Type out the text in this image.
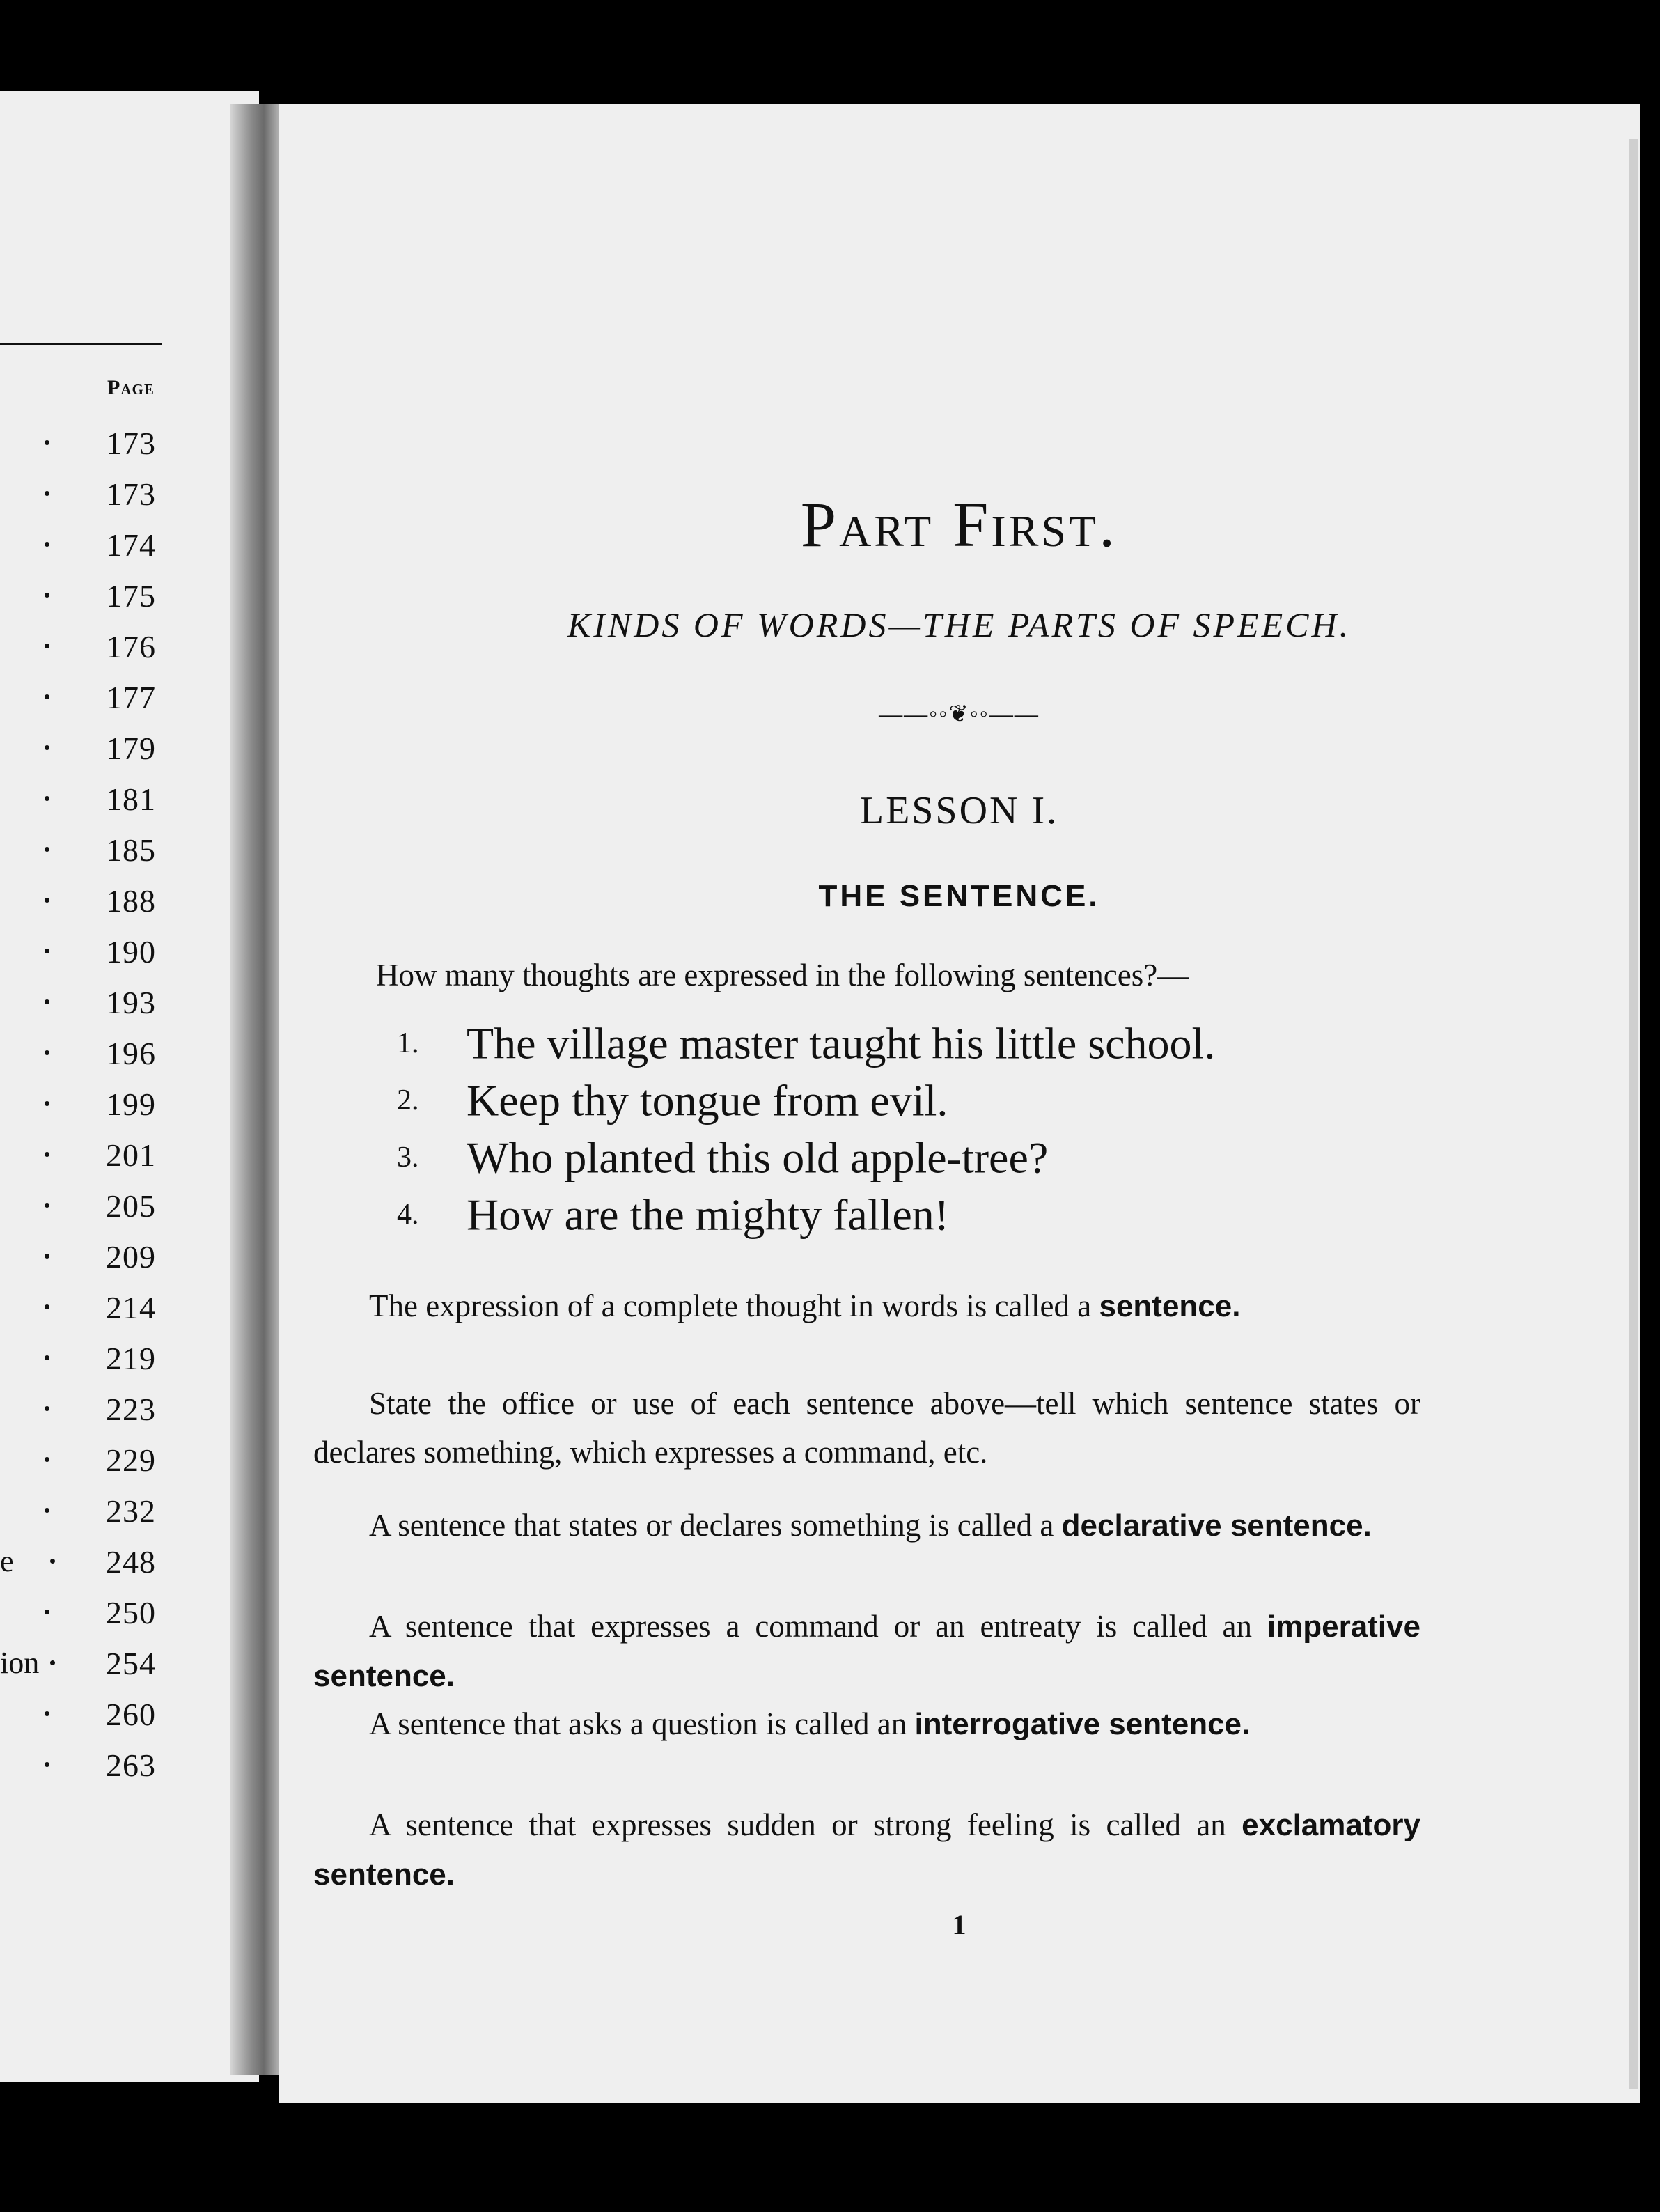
Page
173
173
174
175
176
177
179
181
185
188
190
193
196
199
201
205
209
214
219
223
229
232
e	248
250
ion 254
260
263
Part First.
KINDS OF WORDS—THE PARTS OF SPEECH.
——◦◦❦◦◦——
LESSON I.
THE SENTENCE.
How many thoughts are expressed in the following sentences?—
1. The village master taught his little school.
2. Keep thy tongue from evil.
3. Who planted this old apple-tree?
4. How are the mighty fallen!
The expression of a complete thought in words is called a sentence.
State the office or use of each sentence above—tell which sentence states or declares something, which expresses a command, etc.
A sentence that states or declares something is called a declarative sentence.
A sentence that expresses a command or an entreaty is called an imperative sentence.
A sentence that asks a question is called an interrogative sentence.
A sentence that expresses sudden or strong feeling is called an exclamatory sentence.
1
